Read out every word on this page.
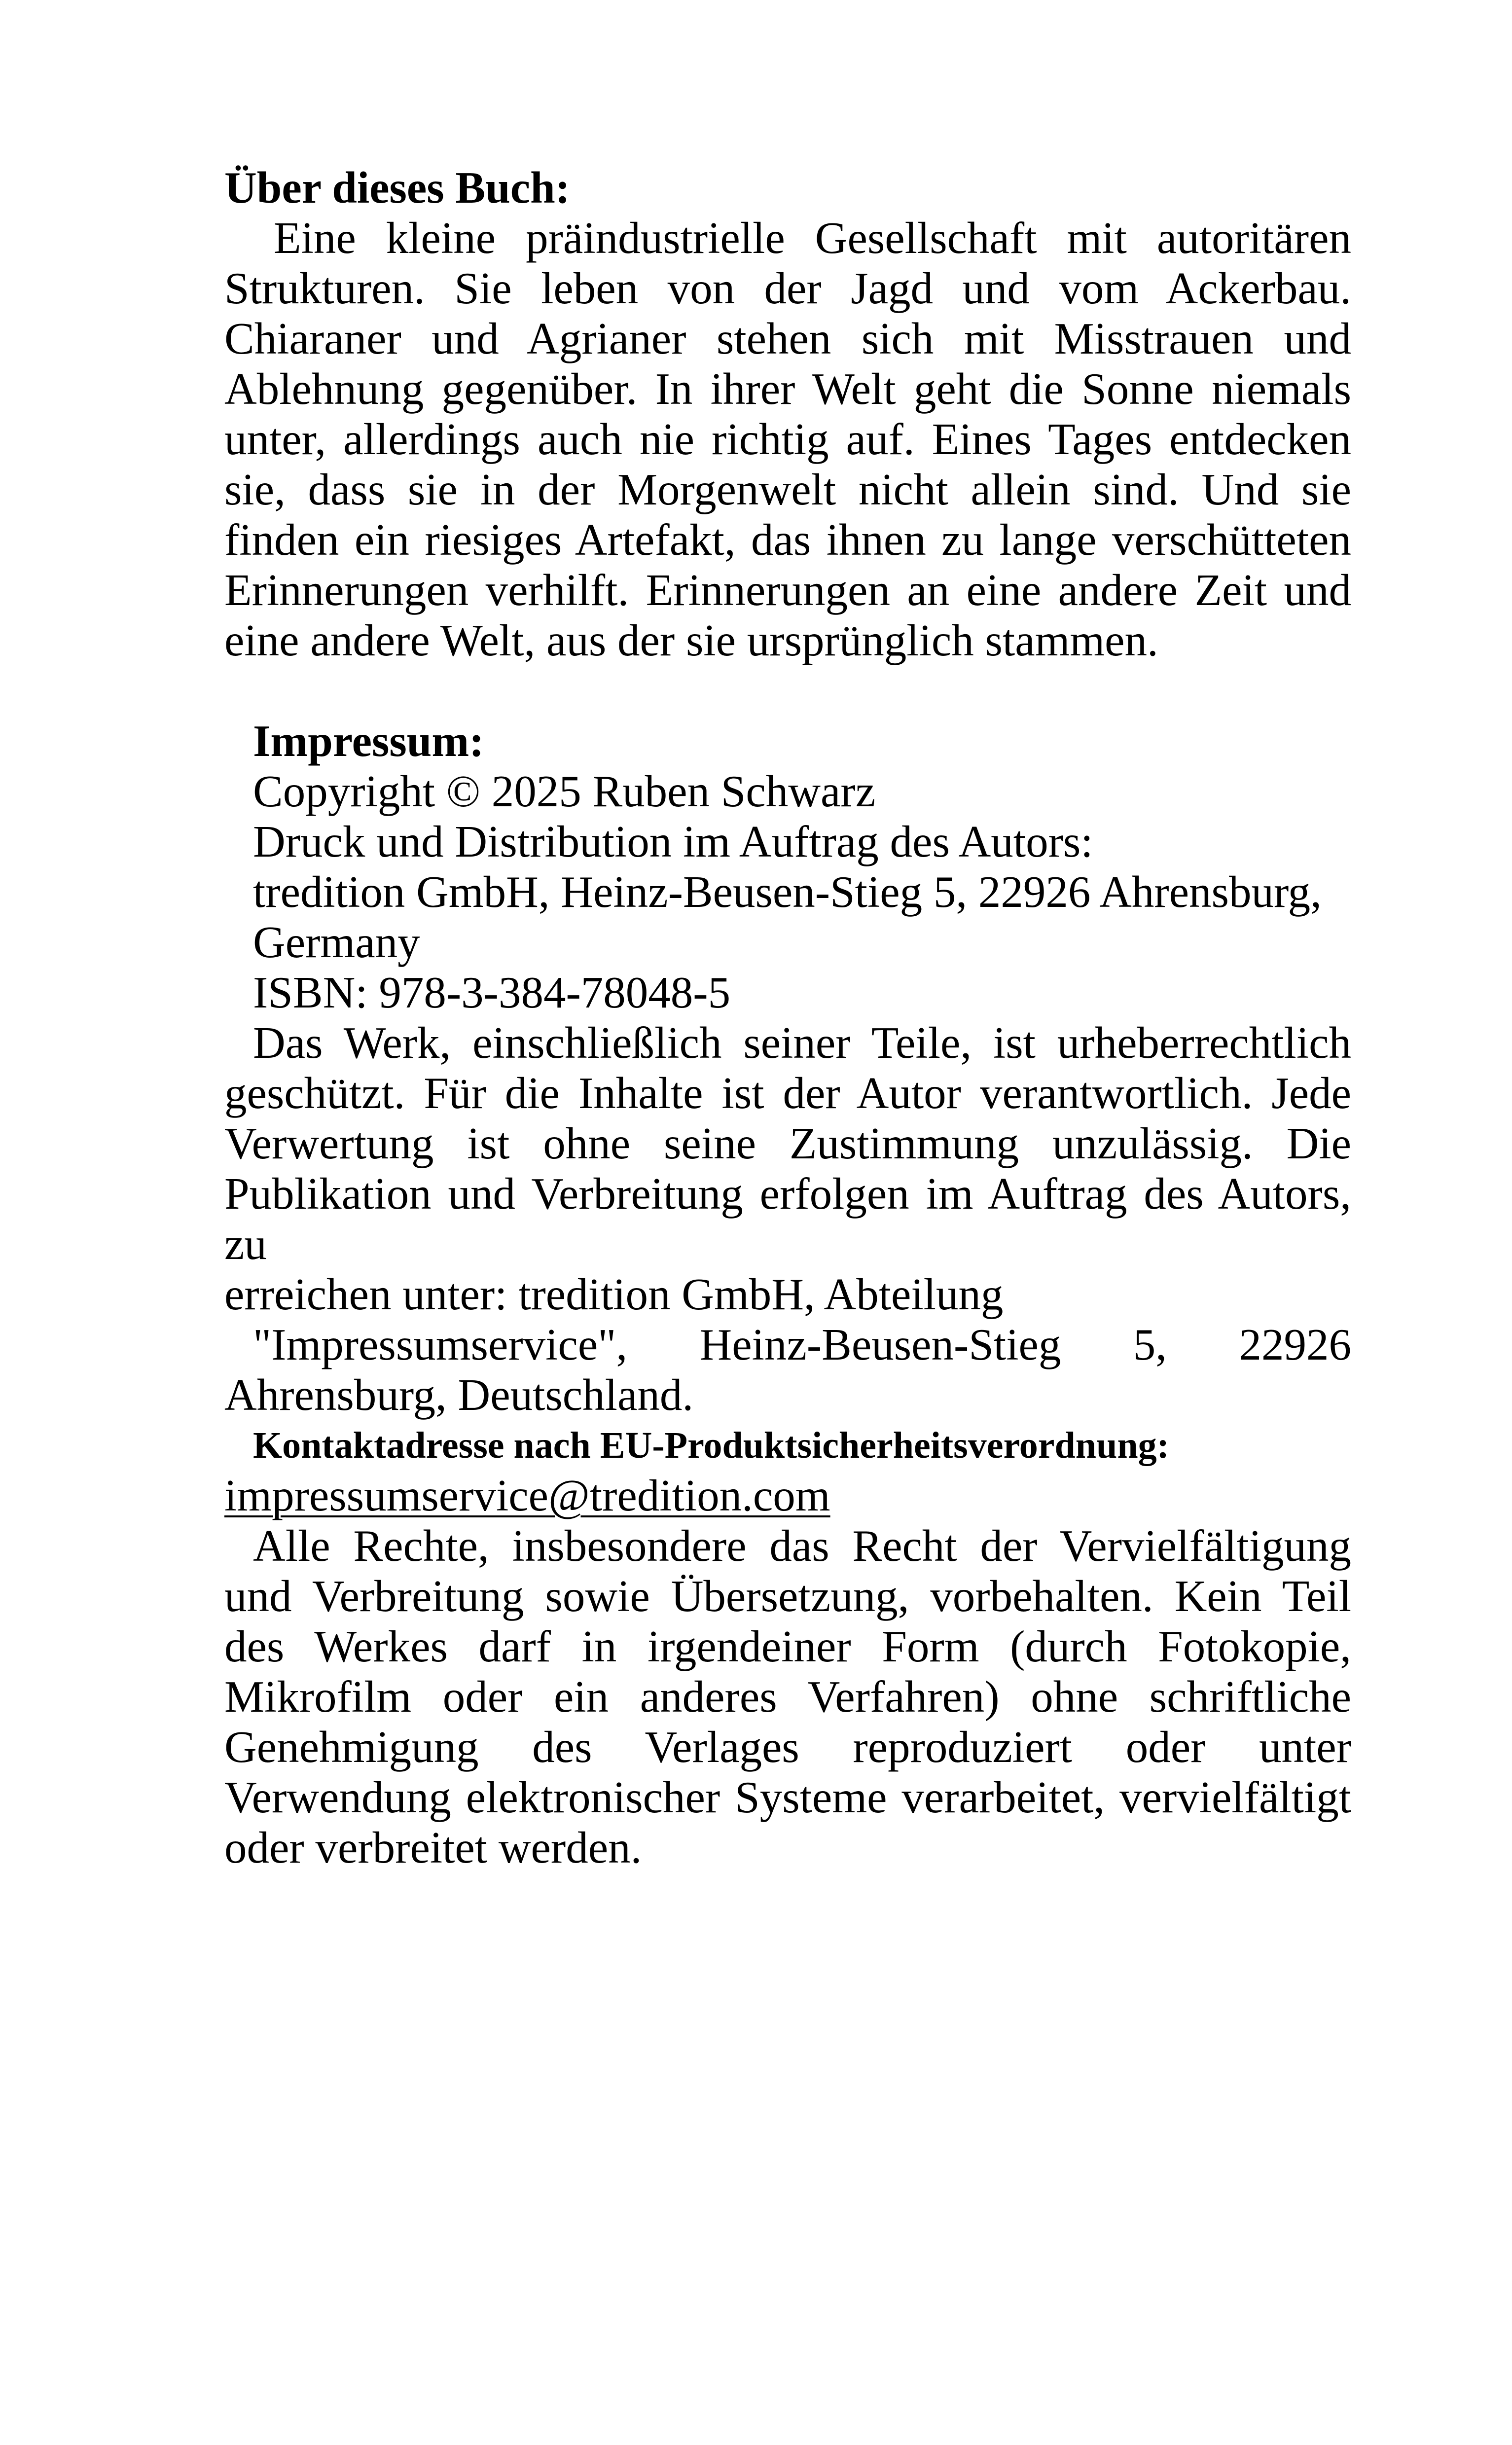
Über dieses Buch:
Eine kleine präindustrielle Gesellschaft mit autoritären Strukturen. Sie leben von der Jagd und vom Ackerbau. Chiaraner und Agrianer stehen sich mit Misstrauen und Ablehnung gegenüber. In ihrer Welt geht die Sonne niemals unter, allerdings auch nie richtig auf. Eines Tages entdecken sie, dass sie in der Morgenwelt nicht allein sind. Und sie finden ein riesiges Artefakt, das ihnen zu lange verschütteten Erinnerungen verhilft. Erinnerungen an eine andere Zeit und eine andere Welt, aus der sie ursprünglich stammen.
Impressum:
Copyright © 2025 Ruben Schwarz
Druck und Distribution im Auftrag des Autors:
tredition GmbH, Heinz-Beusen-Stieg 5, 22926 Ahrensburg,
Germany
ISBN: 978-3-384-78048-5
Das Werk, einschließlich seiner Teile, ist urheberrechtlich geschützt. Für die Inhalte ist der Autor verantwortlich. Jede Verwertung ist ohne seine Zustimmung unzulässig. Die Publikation und Verbreitung erfolgen im Auftrag des Autors, zu
erreichen unter: tredition GmbH, Abteilung
"Impressumservice", Heinz-Beusen-Stieg 5, 22926
Ahrensburg, Deutschland.
Kontaktadresse nach EU-Produktsicherheitsverordnung:
impressumservice@tredition.com
Alle Rechte, insbesondere das Recht der Vervielfältigung und Verbreitung sowie Übersetzung, vorbehalten. Kein Teil des Werkes darf in irgendeiner Form (durch Fotokopie, Mikrofilm oder ein anderes Verfahren) ohne schriftliche Genehmigung des Verlages reproduziert oder unter Verwendung elektronischer Systeme verarbeitet, vervielfältigt oder verbreitet werden.
